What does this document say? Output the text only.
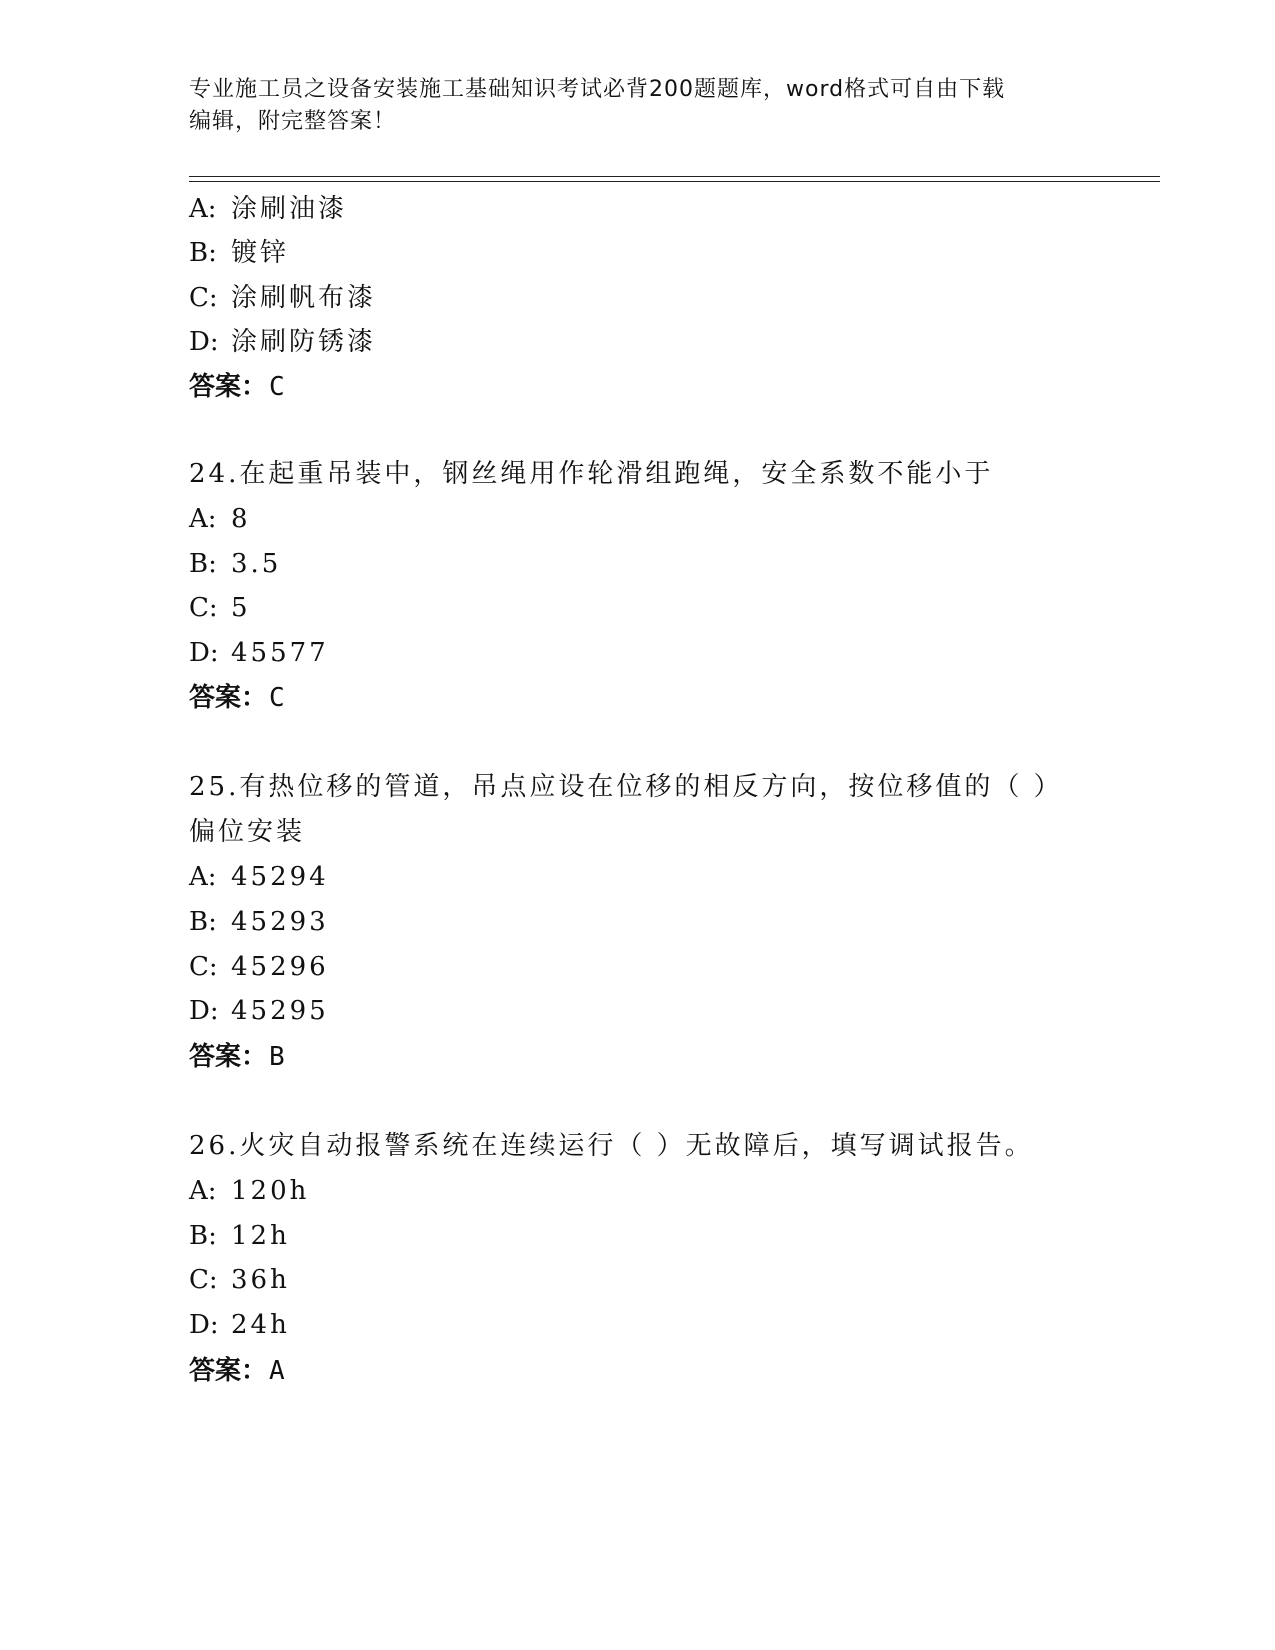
专业施工员之设备安装施工基础知识考试必背200题题库，word格式可自由下载
编辑，附完整答案！
A: 涂刷油漆
B: 镀锌
C: 涂刷帆布漆
D: 涂刷防锈漆
答案：C
24.在起重吊装中，钢丝绳用作轮滑组跑绳，安全系数不能小于
A: 8
B: 3.5
C: 5
D: 45577
答案：C
25.有热位移的管道，吊点应设在位移的相反方向，按位移值的（ ）
偏位安装
A: 45294
B: 45293
C: 45296
D: 45295
答案：B
26.火灾自动报警系统在连续运行（ ）无故障后，填写调试报告。
A: 120h
B: 12h
C: 36h
D: 24h
答案：A
